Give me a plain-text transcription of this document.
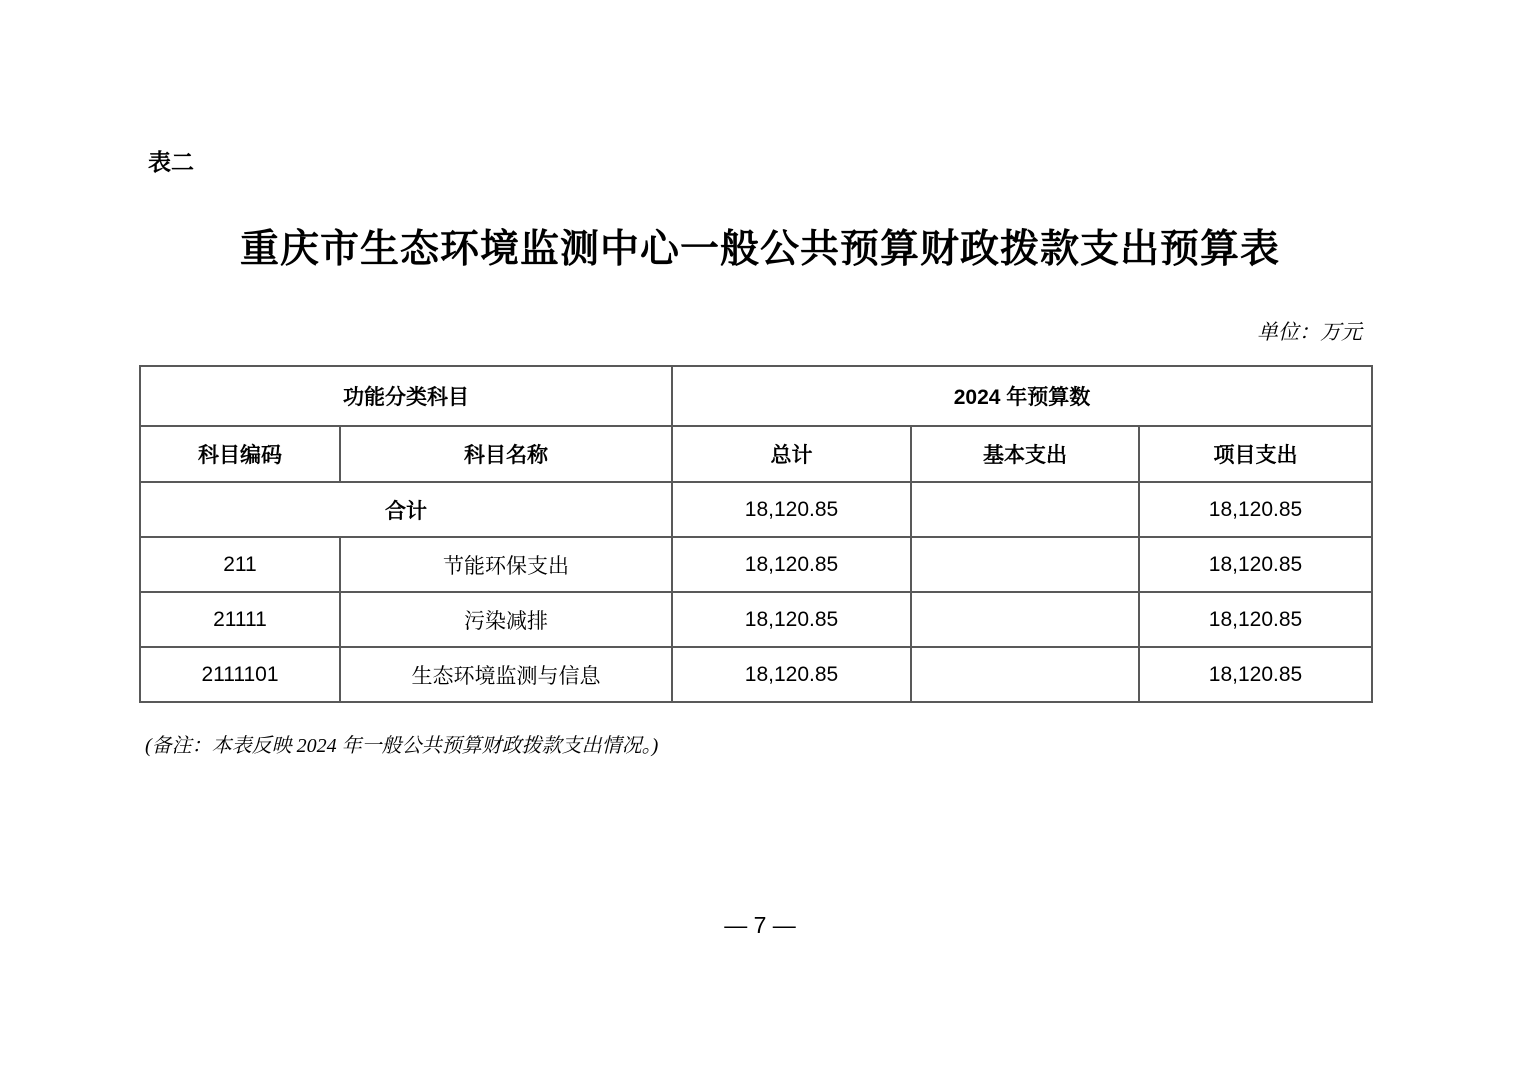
表二
重庆市生态环境监测中心一般公共预算财政拨款支出预算表
单位：万元
功能分类科目		2024 年预算数		
科目编码	科目名称	总计	基本支出	项目支出
合计		18,120.85		18,120.85
211	节能环保支出	18,120.85		18,120.85
21111	污染减排	18,120.85		18,120.85
2111101	生态环境监测与信息	18,120.85		18,120.85
(备注：本表反映 2024 年一般公共预算财政拨款支出情况。)
— 7 —
